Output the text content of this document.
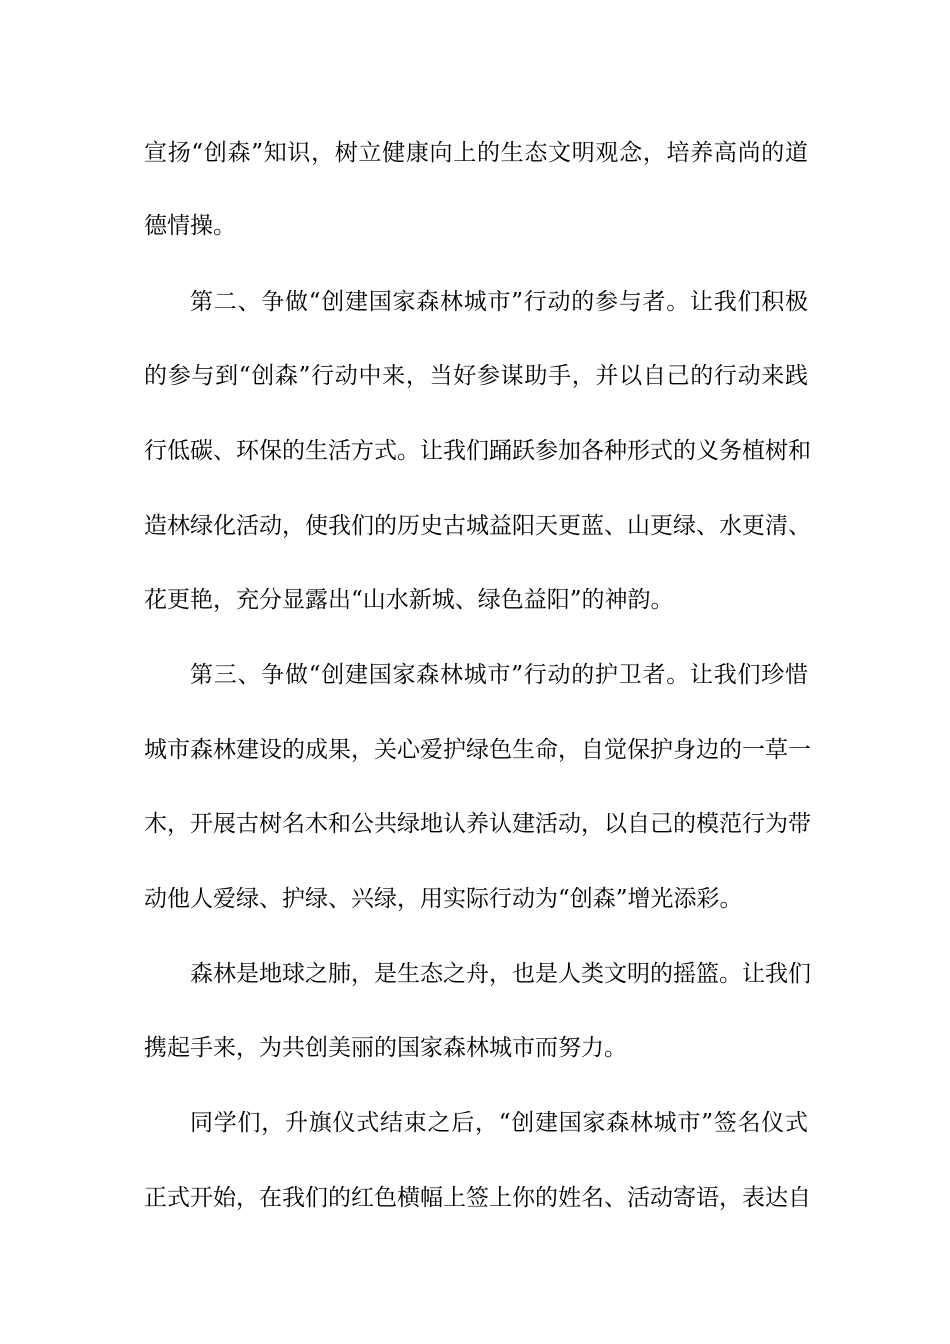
宣扬“创森”知识，树立健康向上的生态文明观念，培养高尚的道
德情操。
第二、争做“创建国家森林城市”行动的参与者。让我们积极
的参与到“创森”行动中来，当好参谋助手，并以自己的行动来践
行低碳、环保的生活方式。让我们踊跃参加各种形式的义务植树和
造林绿化活动，使我们的历史古城益阳天更蓝、山更绿、水更清、
花更艳，充分显露出“山水新城、绿色益阳”的神韵。
第三、争做“创建国家森林城市”行动的护卫者。让我们珍惜
城市森林建设的成果，关心爱护绿色生命，自觉保护身边的一草一
木，开展古树名木和公共绿地认养认建活动，以自己的模范行为带
动他人爱绿、护绿、兴绿，用实际行动为“创森”增光添彩。
森林是地球之肺，是生态之舟，也是人类文明的摇篮。让我们
携起手来，为共创美丽的国家森林城市而努力。
同学们，升旗仪式结束之后，“创建国家森林城市”签名仪式
正式开始，在我们的红色横幅上签上你的姓名、活动寄语，表达自
